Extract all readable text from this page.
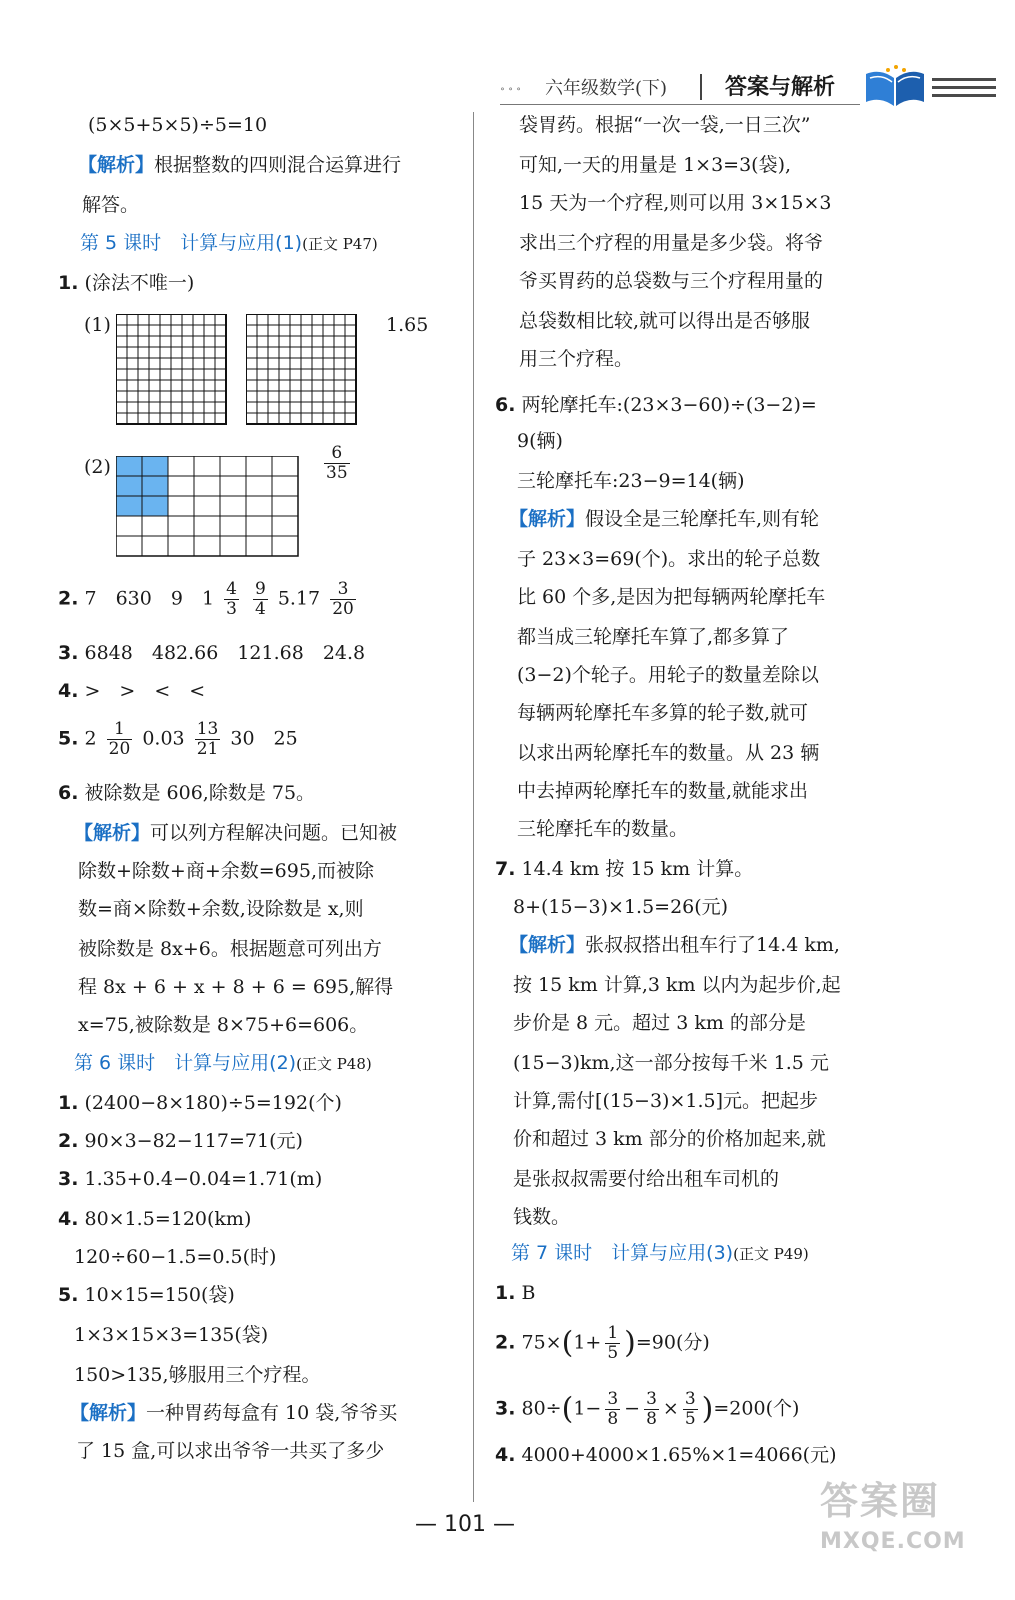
∘ ∘ ∘ 六年级数学(下)	答案与解析
(5×5+5×5)÷5=10
【解析】根据整数的四则混合运算进行
解答。
第 5 课时　计算与应用(1)(正文 P47)
1. (涂法不唯一)
(1)	1.65
(2)	$\frac{6}{35}$
2. 7　630　9　$1 \frac{4}{3}$
$\frac{9}{4} 5.17 \frac{3}{20}$
3. 6848　482.66　121.68　24.8
4. >　>　<　<
5. $2 \frac{1}{20} 0.03 \frac{13}{21} 30$　25
6. 被除数是 606,除数是 75。
【解析】可以列方程解决问题。已知被
除数+除数+商+余数=695,而被除
数=商×除数+余数,设除数是 x,则
被除数是 8x+6。根据题意可列出方
程 8x + 6 + x + 8 + 6 = 695,解得
x=75,被除数是 8×75+6=606。
第 6 课时　计算与应用(2)(正文 P48)
1. (2400−8×180)÷5=192(个)
2. 90×3−82−117=71(元)
3. 1.35+0.4−0.04=1.71(m)
4. 80×1.5=120(km)
120÷60−1.5=0.5(时)
5. 10×15=150(袋)
1×3×15×3=135(袋)
150>135,够服用三个疗程。
【解析】一种胃药每盒有 10 袋,爷爷买
了 15 盒,可以求出爷爷一共买了多少
袋胃药。根据“一次一袋,一日三次”
可知,一天的用量是 1×3=3(袋),
15 天为一个疗程,则可以用 3×15×3
求出三个疗程的用量是多少袋。将爷
爷买胃药的总袋数与三个疗程用量的
总袋数相比较,就可以得出是否够服
用三个疗程。
6. 两轮摩托车:(23×3−60)÷(3−2)=
9(辆)
三轮摩托车:23−9=14(辆)
【解析】假设全是三轮摩托车,则有轮
子 23×3=69(个)。求出的轮子总数
比 60 个多,是因为把每辆两轮摩托车
都当成三轮摩托车算了,都多算了
(3−2)个轮子。用轮子的数量差除以
每辆两轮摩托车多算的轮子数,就可
以求出两轮摩托车的数量。从 23 辆
中去掉两轮摩托车的数量,就能求出
三轮摩托车的数量。
7. 14.4 km 按 15 km 计算。
8+(15−3)×1.5=26(元)
【解析】张叔叔搭出租车行了14.4 km,
按 15 km 计算,3 km 以内为起步价,起
步价是 8 元。超过 3 km 的部分是
(15−3)km,这一部分按每千米 1.5 元
计算,需付[(15−3)×1.5]元。把起步
价和超过 3 km 部分的价格加起来,就
是张叔叔需要付给出租车司机的
钱数。
第 7 课时　计算与应用(3)(正文 P49)
1. B
2. $75\times(1+ \frac{1}{5} )=90$(分)
3. $80\div(1- \frac{3}{8} - \frac{3}{8} \times \frac{3}{5} )=200$(个)
4. 4000+4000×1.65%×1=4066(元)
— 101 —
答案圈
MXQE.COM
